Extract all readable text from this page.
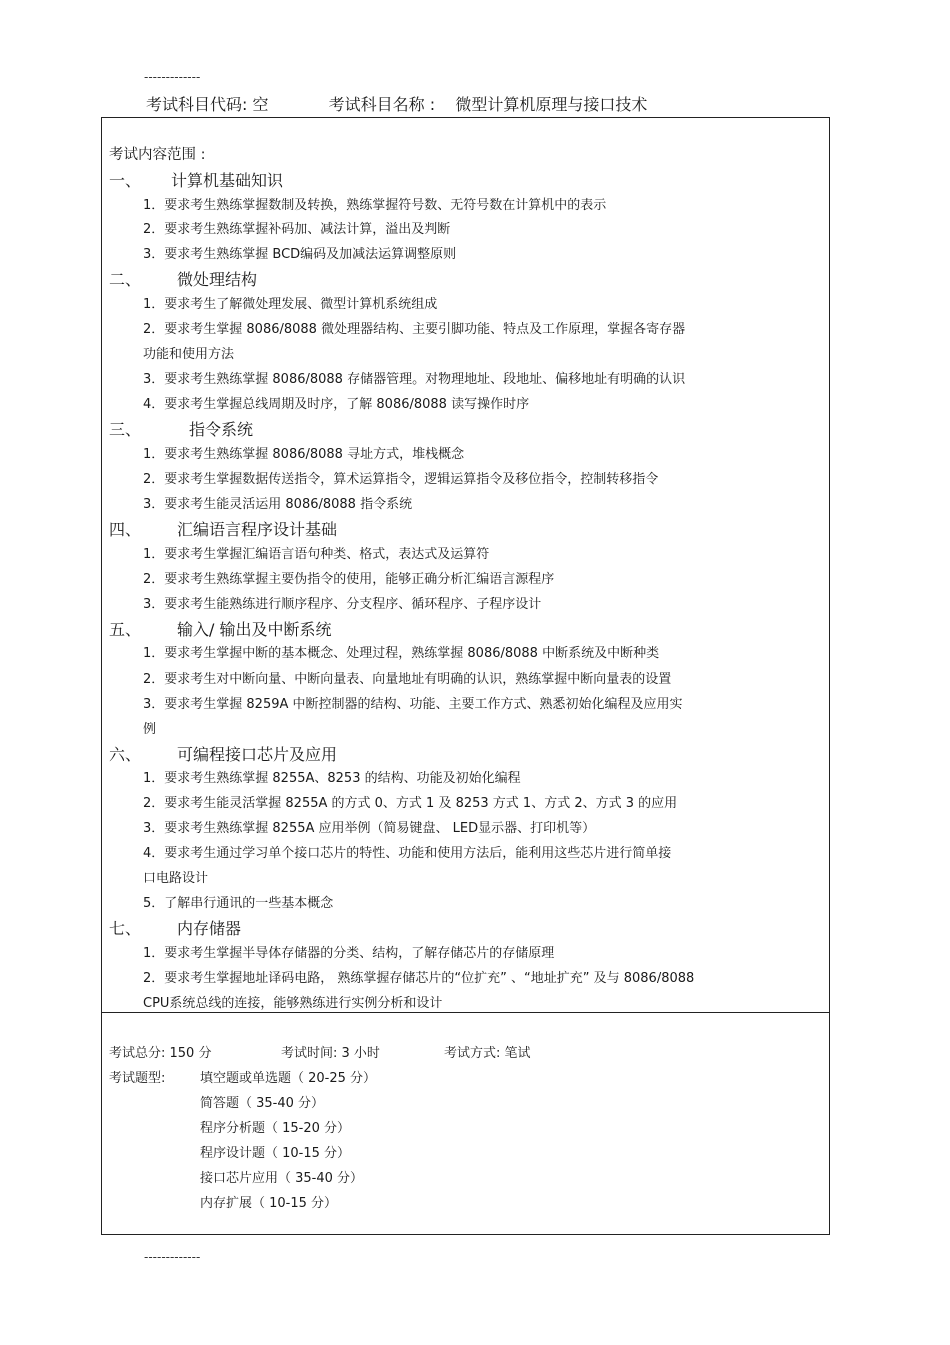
-------------
考试科目代码: 空	考试科目名称 : 微型计算机原理与接口技术
考试内容范围 :
一、 计算机基础知识
1．要求考生熟练掌握数制及转换，熟练掌握符号数、无符号数在计算机中的表示
2．要求考生熟练掌握补码加、减法计算，溢出及判断
3．要求考生熟练掌握 BCD编码及加减法运算调整原则
二、 微处理结构
1．要求考生了解微处理发展、微型计算机系统组成
2．要求考生掌握 8086/8088 微处理器结构、主要引脚功能、特点及工作原理，掌握各寄存器
功能和使用方法
3．要求考生熟练掌握 8086/8088 存储器管理。对物理地址、段地址、偏移地址有明确的认识
4．要求考生掌握总线周期及时序，了解 8086/8088 读写操作时序
三、	指令系统
1．要求考生熟练掌握 8086/8088 寻址方式，堆栈概念
2．要求考生掌握数据传送指令，算术运算指令，逻辑运算指令及移位指令，控制转移指令
3．要求考生能灵活运用 8086/8088 指令系统
四、 汇编语言程序设计基础
1．要求考生掌握汇编语言语句种类、格式，表达式及运算符
2．要求考生熟练掌握主要伪指令的使用，能够正确分析汇编语言源程序
3．要求考生能熟练进行顺序程序、分支程序、循环程序、子程序设计
五、 输入/ 输出及中断系统
1．要求考生掌握中断的基本概念、处理过程，熟练掌握 8086/8088 中断系统及中断种类
2．要求考生对中断向量、中断向量表、向量地址有明确的认识，熟练掌握中断向量表的设置
3．要求考生掌握 8259A 中断控制器的结构、功能、主要工作方式、熟悉初始化编程及应用实
例
六、 可编程接口芯片及应用
1．要求考生熟练掌握 8255A、8253 的结构、功能及初始化编程
2．要求考生能灵活掌握 8255A 的方式 0、方式 1 及 8253 方式 1、方式 2、方式 3 的应用
3．要求考生熟练掌握 8255A 应用举例（简易键盘、 LED显示器、打印机等）
4．要求考生通过学习单个接口芯片的特性、功能和使用方法后，能利用这些芯片进行简单接
口电路设计
5．了解串行通讯的一些基本概念
七、 内存储器
1．要求考生掌握半导体存储器的分类、结构，了解存储芯片的存储原理
2．要求考生掌握地址译码电路， 熟练掌握存储芯片的“位扩充” 、“地址扩充” 及与 8086/8088
CPU系统总线的连接，能够熟练进行实例分析和设计
考试总分: 150 分	考试时间: 3 小时	考试方式: 笔试
考试题型:	填空题或单选题（ 20-25 分）
简答题（ 35-40 分）
程序分析题（ 15-20 分）
程序设计题（ 10-15 分）
接口芯片应用（ 35-40 分）
内存扩展（ 10-15 分）
-------------
